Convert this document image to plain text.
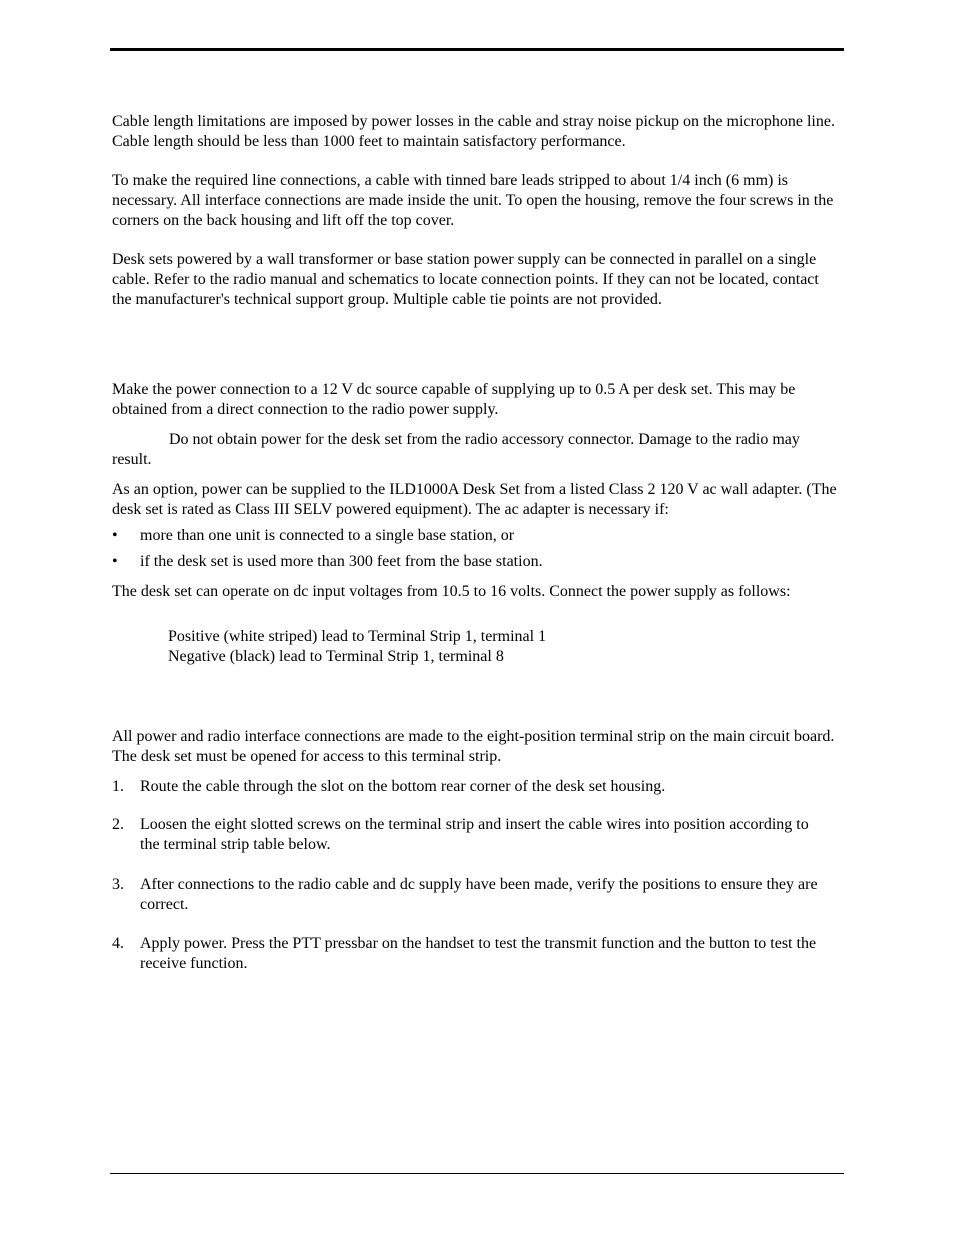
Cable length limitations are imposed by power losses in the cable and stray noise pickup on the microphone line. Cable length should be less than 1000 feet to maintain satisfactory performance.

To make the required line connections, a cable with tinned bare leads stripped to about 1/4 inch (6 mm) is necessary. All interface connections are made inside the unit. To open the housing, remove the four screws in the corners on the back housing and lift off the top cover.

Desk sets powered by a wall transformer or base station power supply can be connected in parallel on a single cable. Refer to the radio manual and schematics to locate connection points. If they can not be located, contact the manufacturer's technical support group. Multiple cable tie points are not provided.

Make the power connection to a 12 V dc source capable of supplying up to 0.5 A per desk set. This may be obtained from a direct connection to the radio power supply.

Do not obtain power for the desk set from the radio accessory connector. Damage to the radio may result.

As an option, power can be supplied to the ILD1000A Desk Set from a listed Class 2 120 V ac wall adapter. (The desk set is rated as Class III SELV powered equipment). The ac adapter is necessary if:

•	more than one unit is connected to a single base station, or
•	if the desk set is used more than 300 feet from the base station.

The desk set can operate on dc input voltages from 10.5 to 16 volts. Connect the power supply as follows:

Positive (white striped) lead to Terminal Strip 1, terminal 1
Negative (black) lead to Terminal Strip 1, terminal 8

All power and radio interface connections are made to the eight-position terminal strip on the main circuit board. The desk set must be opened for access to this terminal strip.

1. Route the cable through the slot on the bottom rear corner of the desk set housing.
2. Loosen the eight slotted screws on the terminal strip and insert the cable wires into position according to the terminal strip table below.
3. After connections to the radio cable and dc supply have been made, verify the positions to ensure they are correct.
4. Apply power. Press the PTT pressbar on the handset to test the transmit function and the button to test the receive function.
